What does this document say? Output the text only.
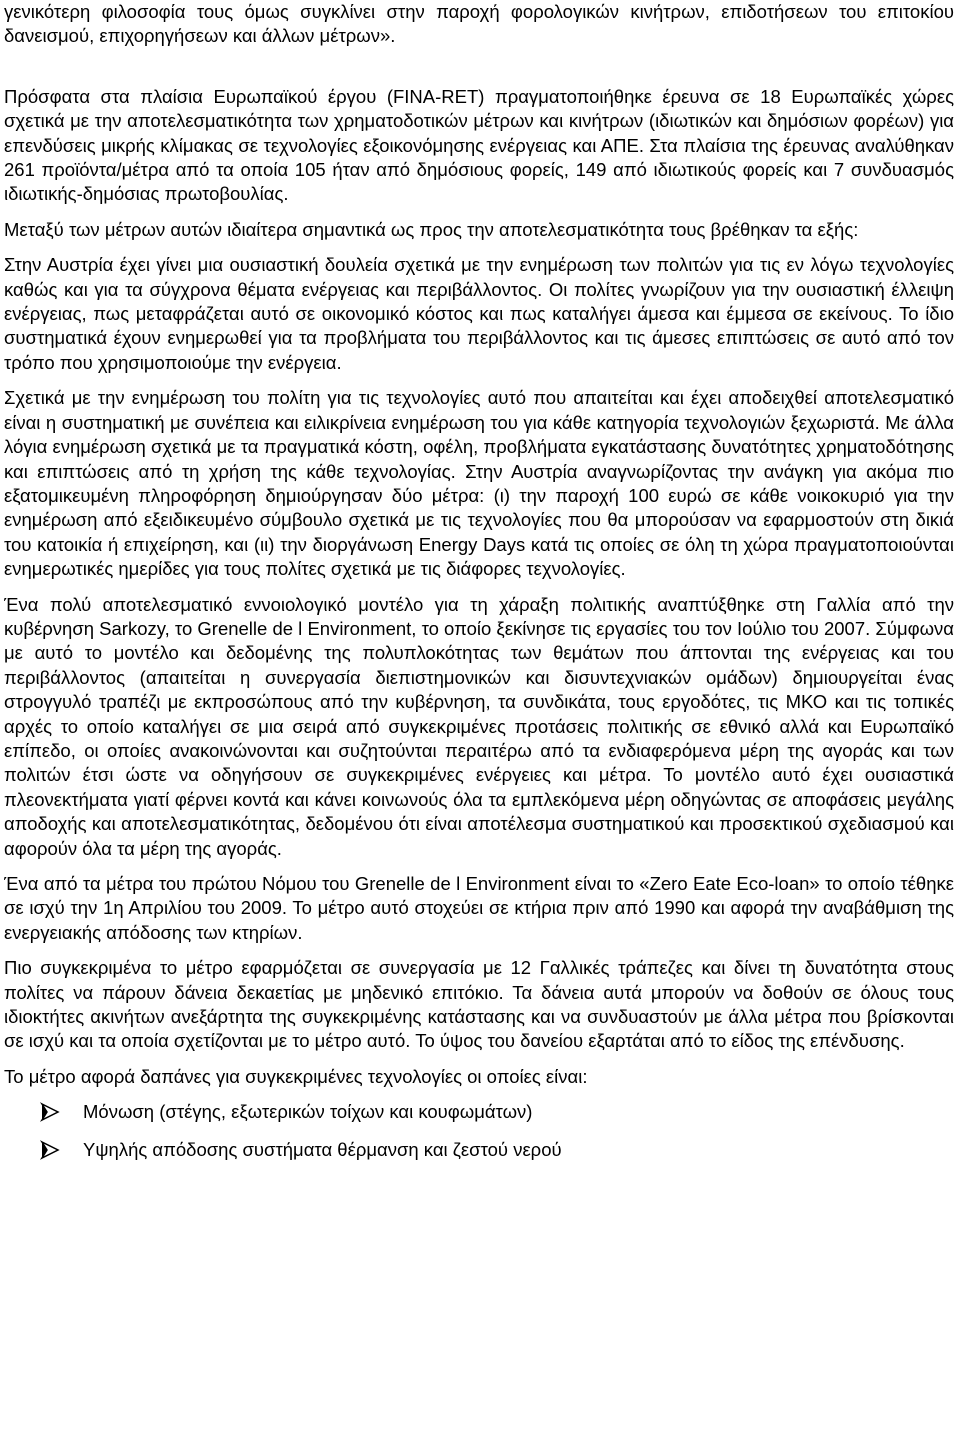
γενικότερη φιλοσοφία τους όμως συγκλίνει στην παροχή φορολογικών κινήτρων, επιδοτήσεων του επιτοκίου δανεισμού, επιχορηγήσεων και άλλων μέτρων».

Πρόσφατα στα πλαίσια Ευρωπαϊκού έργου (FINA-RET) πραγματοποιήθηκε έρευνα σε 18 Ευρωπαϊκές χώρες σχετικά με την αποτελεσματικότητα των χρηματοδοτικών μέτρων και κινήτρων (ιδιωτικών και δημόσιων φορέων) για επενδύσεις μικρής κλίμακας σε τεχνολογίες εξοικονόμησης ενέργειας και ΑΠΕ. Στα πλαίσια της έρευνας αναλύθηκαν 261 προϊόντα/μέτρα από τα οποία 105 ήταν από δημόσιους φορείς, 149 από ιδιωτικούς φορείς και 7 συνδυασμός ιδιωτικής-δημόσιας πρωτοβουλίας.

Μεταξύ των μέτρων αυτών ιδιαίτερα σημαντικά ως προς την αποτελεσματικότητα τους βρέθηκαν τα εξής:

Στην Αυστρία έχει γίνει μια ουσιαστική δουλεία σχετικά με την ενημέρωση των πολιτών για τις εν λόγω τεχνολογίες καθώς και για τα σύγχρονα θέματα ενέργειας και περιβάλλοντος. Οι πολίτες γνωρίζουν για την ουσιαστική έλλειψη ενέργειας, πως μεταφράζεται αυτό σε οικονομικό κόστος και πως καταλήγει άμεσα και έμμεσα σε εκείνους. Το ίδιο συστηματικά έχουν ενημερωθεί για τα προβλήματα του περιβάλλοντος και τις άμεσες επιπτώσεις σε αυτό από τον τρόπο που χρησιμοποιούμε την ενέργεια.

Σχετικά με την ενημέρωση του πολίτη για τις τεχνολογίες αυτό που απαιτείται και έχει αποδειχθεί αποτελεσματικό είναι η συστηματική με συνέπεια και ειλικρίνεια ενημέρωση του για κάθε κατηγορία τεχνολογιών ξεχωριστά. Με άλλα λόγια ενημέρωση σχετικά με τα πραγματικά κόστη, οφέλη, προβλήματα εγκατάστασης δυνατότητες χρηματοδότησης και επιπτώσεις από τη χρήση της κάθε τεχνολογίας. Στην Αυστρία αναγνωρίζοντας την ανάγκη για ακόμα πιο εξατομικευμένη πληροφόρηση δημιούργησαν δύο μέτρα: (ι) την παροχή 100 ευρώ σε κάθε νοικοκυριό για την ενημέρωση από εξειδικευμένο σύμβουλο σχετικά με τις τεχνολογίες που θα μπορούσαν να εφαρμοστούν στη δικιά του κατοικία ή επιχείρηση, και (ιι) την διοργάνωση Energy Days κατά τις οποίες σε όλη τη χώρα πραγματοποιούνται ενημερωτικές ημερίδες για τους πολίτες σχετικά με τις διάφορες τεχνολογίες.

Ένα πολύ αποτελεσματικό εννοιολογικό μοντέλο για τη χάραξη πολιτικής αναπτύξθηκε στη Γαλλία από την κυβέρνηση Sarkozy, το Grenelle de l Environment, το οποίο ξεκίνησε τις εργασίες του τον Ιούλιο του 2007. Σύμφωνα με αυτό το μοντέλο και δεδομένης της πολυπλοκότητας των θεμάτων που άπτονται της ενέργειας και του περιβάλλοντος (απαιτείται η συνεργασία διεπιστημονικών και δισυντεχνιακών ομάδων) δημιουργείται ένας στρογγυλό τραπέζι με εκπροσώπους από την κυβέρνηση, τα συνδικάτα, τους εργοδότες, τις ΜΚΟ και τις τοπικές αρχές το οποίο καταλήγει σε μια σειρά από συγκεκριμένες προτάσεις πολιτικής σε εθνικό αλλά και Ευρωπαϊκό επίπεδο, οι οποίες ανακοινώνονται και συζητούνται περαιτέρω από τα ενδιαφερόμενα μέρη της αγοράς και των πολιτών έτσι ώστε να οδηγήσουν σε συγκεκριμένες ενέργειες και μέτρα. Το μοντέλο αυτό έχει ουσιαστικά πλεονεκτήματα γιατί φέρνει κοντά και κάνει κοινωνούς όλα τα εμπλεκόμενα μέρη οδηγώντας σε αποφάσεις μεγάλης αποδοχής και αποτελεσματικότητας, δεδομένου ότι είναι αποτέλεσμα συστηματικού και προσεκτικού σχεδιασμού και αφορούν όλα τα μέρη της αγοράς.

Ένα από τα μέτρα του πρώτου Νόμου του Grenelle de l Environment είναι το «Zero Eate Eco-loan» το οποίο τέθηκε σε ισχύ την 1η Απριλίου του 2009. Το μέτρο αυτό στοχεύει σε κτήρια πριν από 1990 και αφορά την αναβάθμιση της ενεργειακής απόδοσης των κτηρίων.

Πιο συγκεκριμένα το μέτρο εφαρμόζεται σε συνεργασία με 12 Γαλλικές τράπεζες και δίνει τη δυνατότητα στους πολίτες να πάρουν δάνεια δεκαετίας με μηδενικό επιτόκιο. Τα δάνεια αυτά μπορούν να δοθούν σε όλους τους ιδιοκτήτες ακινήτων ανεξάρτητα της συγκεκριμένης κατάστασης και να συνδυαστούν με άλλα μέτρα που βρίσκονται σε ισχύ και τα οποία σχετίζονται με το μέτρο αυτό. Το ύψος του δανείου εξαρτάται από το είδος της επένδυσης.

Το μέτρο αφορά δαπάνες για συγκεκριμένες τεχνολογίες οι οποίες είναι:

Μόνωση (στέγης, εξωτερικών τοίχων και κουφωμάτων)
Υψηλής απόδοσης συστήματα θέρμανση και ζεστού νερού
